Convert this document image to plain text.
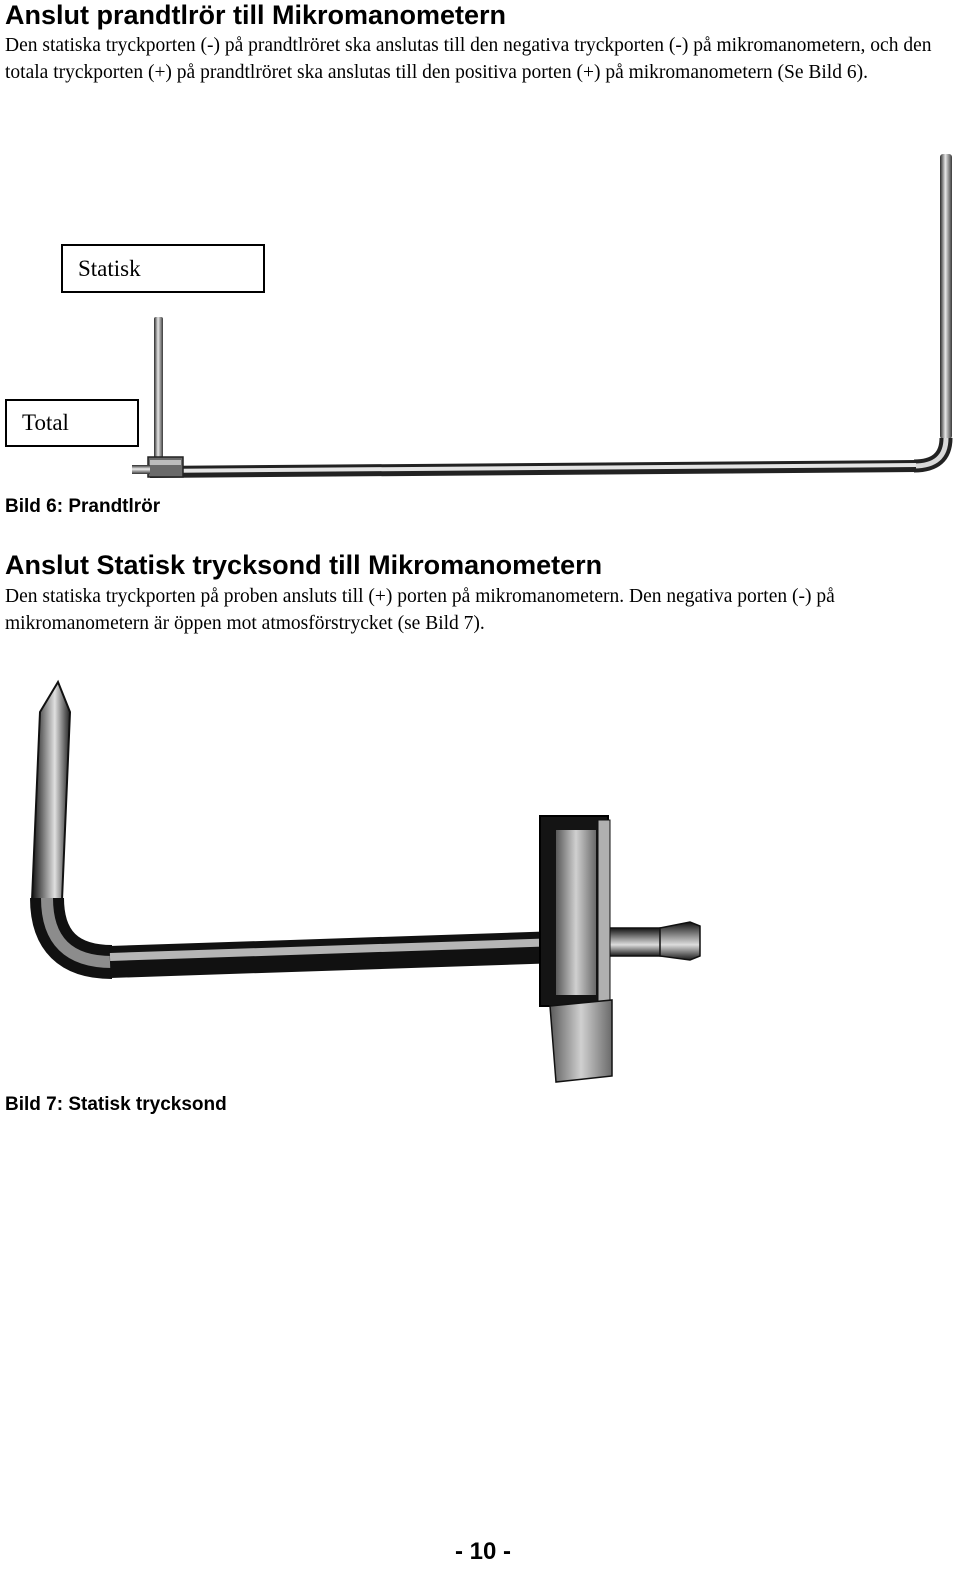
Anslut prandtlrör till Mikromanometern

Den statiska tryckporten (-) på prandtlröret ska anslutas till den negativa tryckporten (-) på mikromanometern, och den totala tryckporten (+) på prandtlröret ska anslutas till den positiva porten (+) på mikromanometern (Se Bild 6).

Statisk
Total
Bild 6: Prandtlrör
Anslut Statisk trycksond till Mikromanometern

Den statiska tryckporten på proben ansluts till (+) porten på mikromanometern. Den negativa porten (-) på mikromanometern är öppen mot atmosförstrycket (se Bild 7).

Bild 7: Statisk trycksond
- 10 -
